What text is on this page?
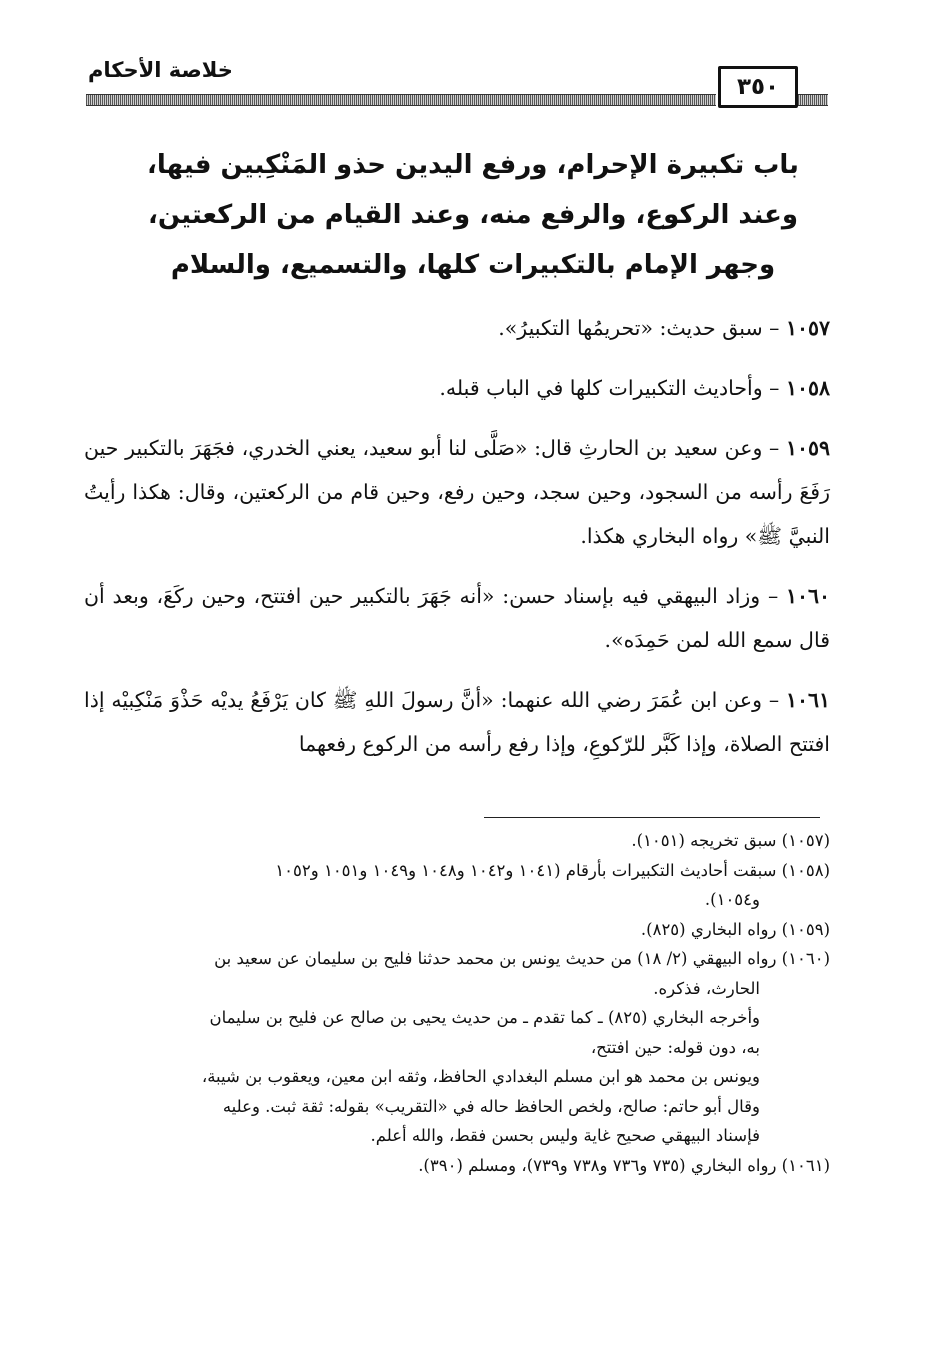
خلاصة الأحكام
٣٥٠
باب تكبيرة الإحرام، ورفع اليدين حذو المَنْكِبين فيها،
وعند الركوع، والرفع منه، وعند القيام من الركعتين،
وجهر الإمام بالتكبيرات كلها، والتسميع، والسلام

١٠٥٧ – سبق حديث: «تحريمُها التكبيرُ».

١٠٥٨ – وأحاديث التكبيرات كلها في الباب قبله.

١٠٥٩ – وعن سعيد بن الحارثِ قال: «صَلَّى لنا أبو سعيد، يعني الخدري، فجَهَرَ بالتكبير حين رَفَعَ رأسه من السجود، وحين سجد، وحين رفع، وحين قام من الركعتين، وقال: هكذا رأيتُ النبيَّ ﷺ» رواه البخاري هكذا.

١٠٦٠ – وزاد البيهقي فيه بإسناد حسن: «أنه جَهَرَ بالتكبير حين افتتح، وحين ركَعَ، وبعد أن قال سمع الله لمن حَمِدَه».

١٠٦١ – وعن ابن عُمَرَ رضي الله عنهما: «أنَّ رسولَ اللهِ ﷺ كان يَرْفَعُ يديْه حَذْوَ مَنْكِبيْه إذا افتتح الصلاة، وإذا كَبَّر للرّكوعِ، وإذا رفع رأسه من الركوع رفعهما

(١٠٥٧) سبق تخريجه (١٠٥١).

(١٠٥٨) سبقت أحاديث التكبيرات بأرقام (١٠٤١ و١٠٤٢ و١٠٤٨ و١٠٤٩ و١٠٥١ و١٠٥٢

و١٠٥٤).

(١٠٥٩) رواه البخاري (٨٢٥).

(١٠٦٠) رواه البيهقي (٢/ ١٨) من حديث يونس بن محمد حدثنا فليح بن سليمان عن سعيد بن

الحارث، فذكره.

وأخرجه البخاري (٨٢٥) ـ كما تقدم ـ من حديث يحيى بن صالح عن فليح بن سليمان

به، دون قوله: حين افتتح،

ويونس بن محمد هو ابن مسلم البغدادي الحافظ، وثقه ابن معين، ويعقوب بن شيبة،

وقال أبو حاتم: صالح، ولخص الحافظ حاله في «التقريب» بقوله: ثقة ثبت. وعليه

فإسناد البيهقي صحيح غاية وليس بحسن فقط، والله أعلم.

(١٠٦١) رواه البخاري (٧٣٥ و٧٣٦ و٧٣٨ و٧٣٩)، ومسلم (٣٩٠).
